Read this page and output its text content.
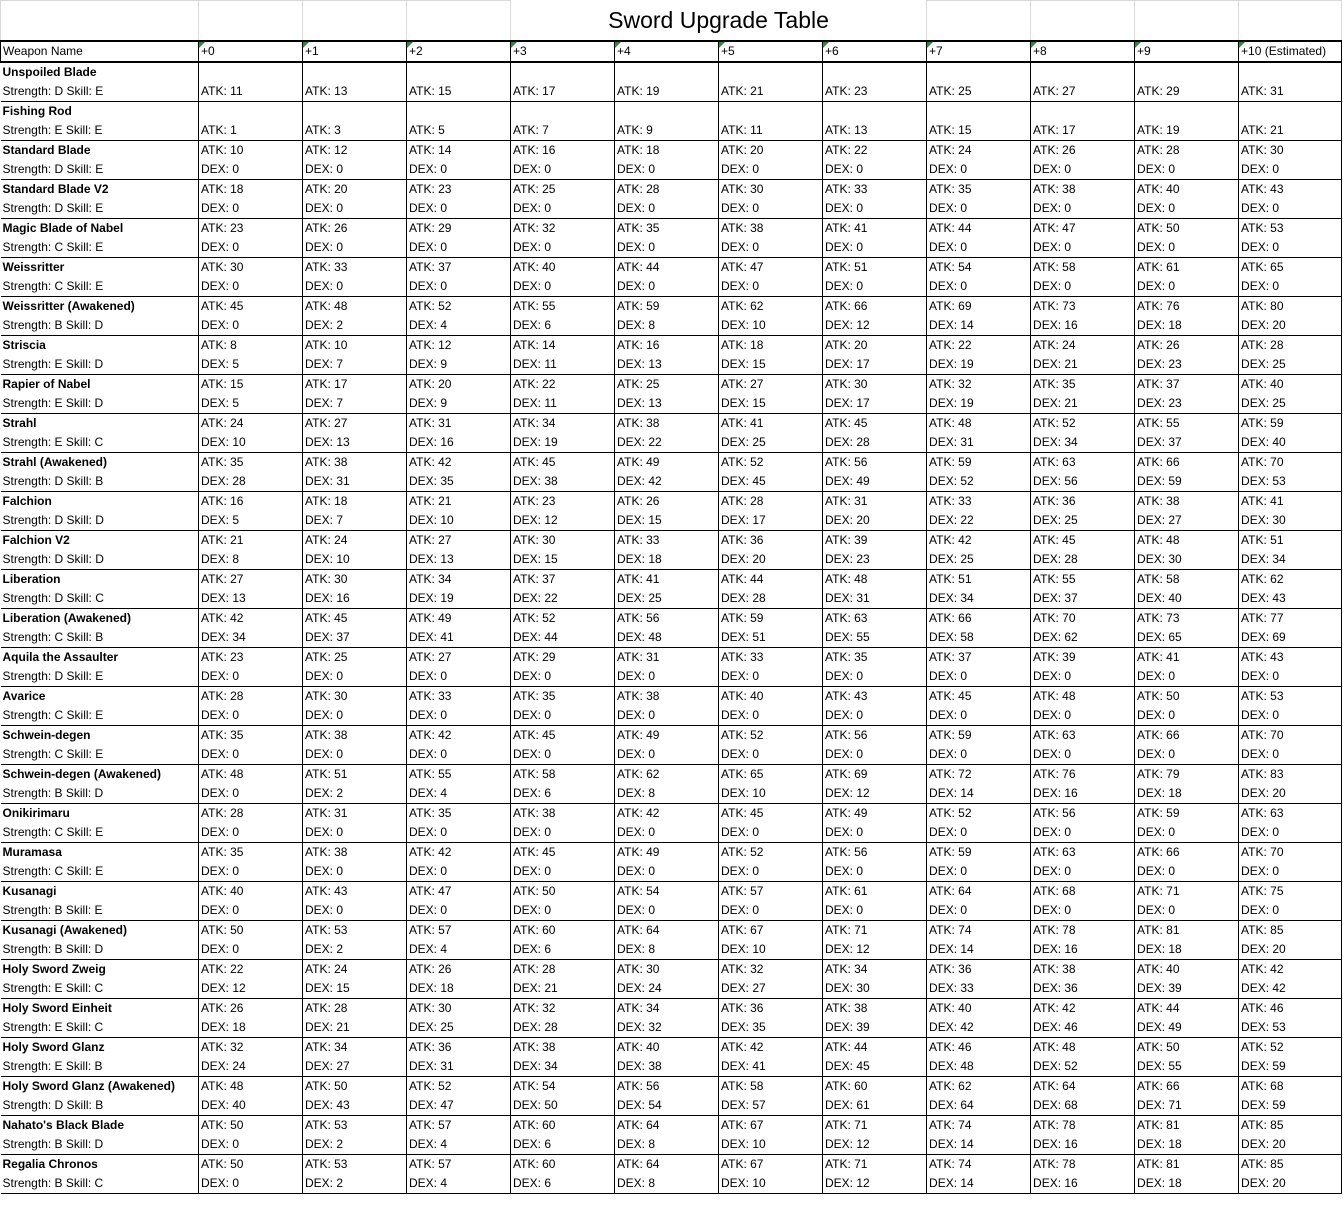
				Sword Upgrade Table							
Weapon Name	+0	+1	+2	+3	+4	+5	+6	+7	+8	+9	+10 (Estimated)
Unspoiled Blade											
Strength: D Skill: E	ATK: 11	ATK: 13	ATK: 15	ATK: 17	ATK: 19	ATK: 21	ATK: 23	ATK: 25	ATK: 27	ATK: 29	ATK: 31
Fishing Rod											
Strength: E Skill: E	ATK: 1	ATK: 3	ATK: 5	ATK: 7	ATK: 9	ATK: 11	ATK: 13	ATK: 15	ATK: 17	ATK: 19	ATK: 21
Standard Blade	ATK: 10	ATK: 12	ATK: 14	ATK: 16	ATK: 18	ATK: 20	ATK: 22	ATK: 24	ATK: 26	ATK: 28	ATK: 30
Strength: D Skill: E	DEX: 0	DEX: 0	DEX: 0	DEX: 0	DEX: 0	DEX: 0	DEX: 0	DEX: 0	DEX: 0	DEX: 0	DEX: 0
Standard Blade V2	ATK: 18	ATK: 20	ATK: 23	ATK: 25	ATK: 28	ATK: 30	ATK: 33	ATK: 35	ATK: 38	ATK: 40	ATK: 43
Strength: D Skill: E	DEX: 0	DEX: 0	DEX: 0	DEX: 0	DEX: 0	DEX: 0	DEX: 0	DEX: 0	DEX: 0	DEX: 0	DEX: 0
Magic Blade of Nabel	ATK: 23	ATK: 26	ATK: 29	ATK: 32	ATK: 35	ATK: 38	ATK: 41	ATK: 44	ATK: 47	ATK: 50	ATK: 53
Strength: C Skill: E	DEX: 0	DEX: 0	DEX: 0	DEX: 0	DEX: 0	DEX: 0	DEX: 0	DEX: 0	DEX: 0	DEX: 0	DEX: 0
Weissritter	ATK: 30	ATK: 33	ATK: 37	ATK: 40	ATK: 44	ATK: 47	ATK: 51	ATK: 54	ATK: 58	ATK: 61	ATK: 65
Strength: C Skill: E	DEX: 0	DEX: 0	DEX: 0	DEX: 0	DEX: 0	DEX: 0	DEX: 0	DEX: 0	DEX: 0	DEX: 0	DEX: 0
Weissritter (Awakened)	ATK: 45	ATK: 48	ATK: 52	ATK: 55	ATK: 59	ATK: 62	ATK: 66	ATK: 69	ATK: 73	ATK: 76	ATK: 80
Strength: B Skill: D	DEX: 0	DEX: 2	DEX: 4	DEX: 6	DEX: 8	DEX: 10	DEX: 12	DEX: 14	DEX: 16	DEX: 18	DEX: 20
Striscia	ATK: 8	ATK: 10	ATK: 12	ATK: 14	ATK: 16	ATK: 18	ATK: 20	ATK: 22	ATK: 24	ATK: 26	ATK: 28
Strength: E Skill: D	DEX: 5	DEX: 7	DEX: 9	DEX: 11	DEX: 13	DEX: 15	DEX: 17	DEX: 19	DEX: 21	DEX: 23	DEX: 25
Rapier of Nabel	ATK: 15	ATK: 17	ATK: 20	ATK: 22	ATK: 25	ATK: 27	ATK: 30	ATK: 32	ATK: 35	ATK: 37	ATK: 40
Strength: E Skill: D	DEX: 5	DEX: 7	DEX: 9	DEX: 11	DEX: 13	DEX: 15	DEX: 17	DEX: 19	DEX: 21	DEX: 23	DEX: 25
Strahl	ATK: 24	ATK: 27	ATK: 31	ATK: 34	ATK: 38	ATK: 41	ATK: 45	ATK: 48	ATK: 52	ATK: 55	ATK: 59
Strength: E Skill: C	DEX: 10	DEX: 13	DEX: 16	DEX: 19	DEX: 22	DEX: 25	DEX: 28	DEX: 31	DEX: 34	DEX: 37	DEX: 40
Strahl (Awakened)	ATK: 35	ATK: 38	ATK: 42	ATK: 45	ATK: 49	ATK: 52	ATK: 56	ATK: 59	ATK: 63	ATK: 66	ATK: 70
Strength: D Skill: B	DEX: 28	DEX: 31	DEX: 35	DEX: 38	DEX: 42	DEX: 45	DEX: 49	DEX: 52	DEX: 56	DEX: 59	DEX: 53
Falchion	ATK: 16	ATK: 18	ATK: 21	ATK: 23	ATK: 26	ATK: 28	ATK: 31	ATK: 33	ATK: 36	ATK: 38	ATK: 41
Strength: D Skill: D	DEX: 5	DEX: 7	DEX: 10	DEX: 12	DEX: 15	DEX: 17	DEX: 20	DEX: 22	DEX: 25	DEX: 27	DEX: 30
Falchion V2	ATK: 21	ATK: 24	ATK: 27	ATK: 30	ATK: 33	ATK: 36	ATK: 39	ATK: 42	ATK: 45	ATK: 48	ATK: 51
Strength: D Skill: D	DEX: 8	DEX: 10	DEX: 13	DEX: 15	DEX: 18	DEX: 20	DEX: 23	DEX: 25	DEX: 28	DEX: 30	DEX: 34
Liberation	ATK: 27	ATK: 30	ATK: 34	ATK: 37	ATK: 41	ATK: 44	ATK: 48	ATK: 51	ATK: 55	ATK: 58	ATK: 62
Strength: D Skill: C	DEX: 13	DEX: 16	DEX: 19	DEX: 22	DEX: 25	DEX: 28	DEX: 31	DEX: 34	DEX: 37	DEX: 40	DEX: 43
Liberation (Awakened)	ATK: 42	ATK: 45	ATK: 49	ATK: 52	ATK: 56	ATK: 59	ATK: 63	ATK: 66	ATK: 70	ATK: 73	ATK: 77
Strength: C Skill: B	DEX: 34	DEX: 37	DEX: 41	DEX: 44	DEX: 48	DEX: 51	DEX: 55	DEX: 58	DEX: 62	DEX: 65	DEX: 69
Aquila the Assaulter	ATK: 23	ATK: 25	ATK: 27	ATK: 29	ATK: 31	ATK: 33	ATK: 35	ATK: 37	ATK: 39	ATK: 41	ATK: 43
Strength: D Skill: E	DEX: 0	DEX: 0	DEX: 0	DEX: 0	DEX: 0	DEX: 0	DEX: 0	DEX: 0	DEX: 0	DEX: 0	DEX: 0
Avarice	ATK: 28	ATK: 30	ATK: 33	ATK: 35	ATK: 38	ATK: 40	ATK: 43	ATK: 45	ATK: 48	ATK: 50	ATK: 53
Strength: C Skill: E	DEX: 0	DEX: 0	DEX: 0	DEX: 0	DEX: 0	DEX: 0	DEX: 0	DEX: 0	DEX: 0	DEX: 0	DEX: 0
Schwein-degen	ATK: 35	ATK: 38	ATK: 42	ATK: 45	ATK: 49	ATK: 52	ATK: 56	ATK: 59	ATK: 63	ATK: 66	ATK: 70
Strength: C Skill: E	DEX: 0	DEX: 0	DEX: 0	DEX: 0	DEX: 0	DEX: 0	DEX: 0	DEX: 0	DEX: 0	DEX: 0	DEX: 0
Schwein-degen (Awakened)	ATK: 48	ATK: 51	ATK: 55	ATK: 58	ATK: 62	ATK: 65	ATK: 69	ATK: 72	ATK: 76	ATK: 79	ATK: 83
Strength: B Skill: D	DEX: 0	DEX: 2	DEX: 4	DEX: 6	DEX: 8	DEX: 10	DEX: 12	DEX: 14	DEX: 16	DEX: 18	DEX: 20
Onikirimaru	ATK: 28	ATK: 31	ATK: 35	ATK: 38	ATK: 42	ATK: 45	ATK: 49	ATK: 52	ATK: 56	ATK: 59	ATK: 63
Strength: C Skill: E	DEX: 0	DEX: 0	DEX: 0	DEX: 0	DEX: 0	DEX: 0	DEX: 0	DEX: 0	DEX: 0	DEX: 0	DEX: 0
Muramasa	ATK: 35	ATK: 38	ATK: 42	ATK: 45	ATK: 49	ATK: 52	ATK: 56	ATK: 59	ATK: 63	ATK: 66	ATK: 70
Strength: C Skill: E	DEX: 0	DEX: 0	DEX: 0	DEX: 0	DEX: 0	DEX: 0	DEX: 0	DEX: 0	DEX: 0	DEX: 0	DEX: 0
Kusanagi	ATK: 40	ATK: 43	ATK: 47	ATK: 50	ATK: 54	ATK: 57	ATK: 61	ATK: 64	ATK: 68	ATK: 71	ATK: 75
Strength: B Skill: E	DEX: 0	DEX: 0	DEX: 0	DEX: 0	DEX: 0	DEX: 0	DEX: 0	DEX: 0	DEX: 0	DEX: 0	DEX: 0
Kusanagi (Awakened)	ATK: 50	ATK: 53	ATK: 57	ATK: 60	ATK: 64	ATK: 67	ATK: 71	ATK: 74	ATK: 78	ATK: 81	ATK: 85
Strength: B Skill: D	DEX: 0	DEX: 2	DEX: 4	DEX: 6	DEX: 8	DEX: 10	DEX: 12	DEX: 14	DEX: 16	DEX: 18	DEX: 20
Holy Sword Zweig	ATK: 22	ATK: 24	ATK: 26	ATK: 28	ATK: 30	ATK: 32	ATK: 34	ATK: 36	ATK: 38	ATK: 40	ATK: 42
Strength: E Skill: C	DEX: 12	DEX: 15	DEX: 18	DEX: 21	DEX: 24	DEX: 27	DEX: 30	DEX: 33	DEX: 36	DEX: 39	DEX: 42
Holy Sword Einheit	ATK: 26	ATK: 28	ATK: 30	ATK: 32	ATK: 34	ATK: 36	ATK: 38	ATK: 40	ATK: 42	ATK: 44	ATK: 46
Strength: E Skill: C	DEX: 18	DEX: 21	DEX: 25	DEX: 28	DEX: 32	DEX: 35	DEX: 39	DEX: 42	DEX: 46	DEX: 49	DEX: 53
Holy Sword Glanz	ATK: 32	ATK: 34	ATK: 36	ATK: 38	ATK: 40	ATK: 42	ATK: 44	ATK: 46	ATK: 48	ATK: 50	ATK: 52
Strength: E Skill: B	DEX: 24	DEX: 27	DEX: 31	DEX: 34	DEX: 38	DEX: 41	DEX: 45	DEX: 48	DEX: 52	DEX: 55	DEX: 59
Holy Sword Glanz (Awakened)	ATK: 48	ATK: 50	ATK: 52	ATK: 54	ATK: 56	ATK: 58	ATK: 60	ATK: 62	ATK: 64	ATK: 66	ATK: 68
Strength: D Skill: B	DEX: 40	DEX: 43	DEX: 47	DEX: 50	DEX: 54	DEX: 57	DEX: 61	DEX: 64	DEX: 68	DEX: 71	DEX: 59
Nahato's Black Blade	ATK: 50	ATK: 53	ATK: 57	ATK: 60	ATK: 64	ATK: 67	ATK: 71	ATK: 74	ATK: 78	ATK: 81	ATK: 85
Strength: B Skill: D	DEX: 0	DEX: 2	DEX: 4	DEX: 6	DEX: 8	DEX: 10	DEX: 12	DEX: 14	DEX: 16	DEX: 18	DEX: 20
Regalia Chronos	ATK: 50	ATK: 53	ATK: 57	ATK: 60	ATK: 64	ATK: 67	ATK: 71	ATK: 74	ATK: 78	ATK: 81	ATK: 85
Strength: B Skill: C	DEX: 0	DEX: 2	DEX: 4	DEX: 6	DEX: 8	DEX: 10	DEX: 12	DEX: 14	DEX: 16	DEX: 18	DEX: 20
